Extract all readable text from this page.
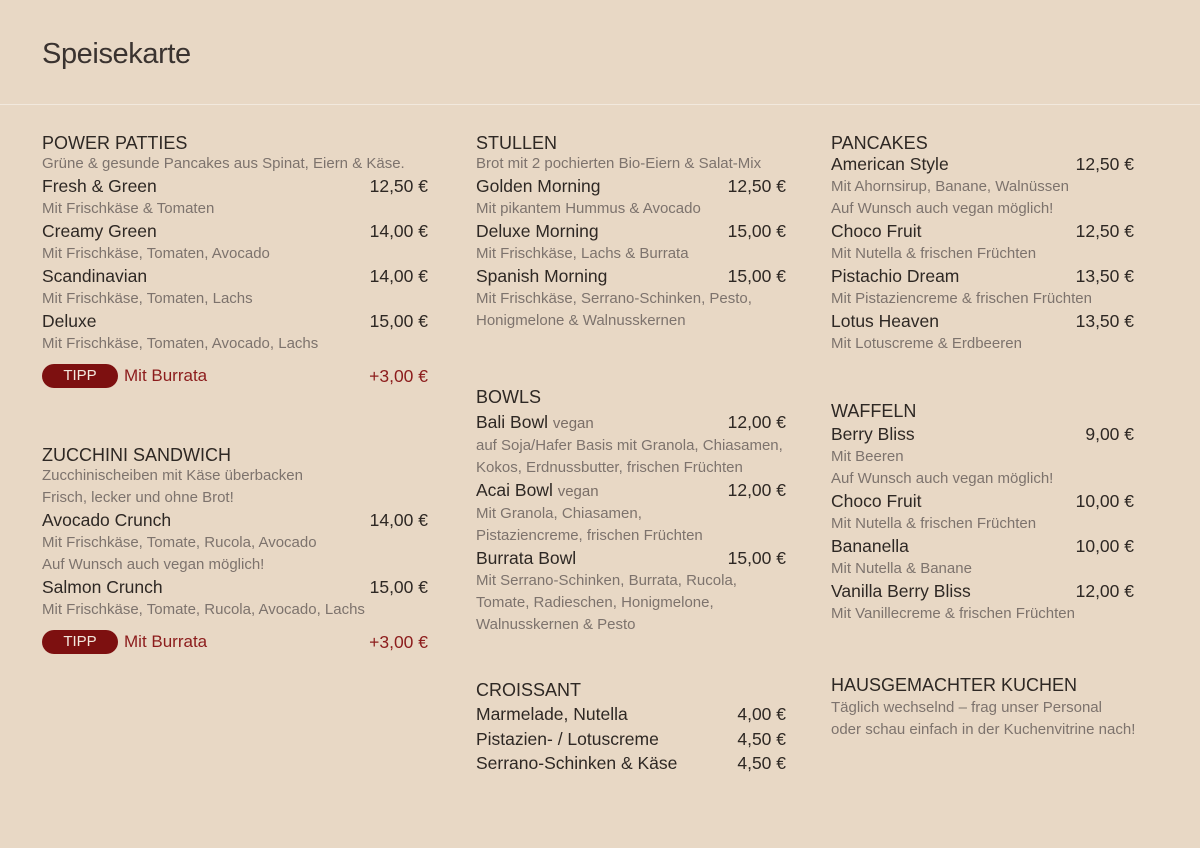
Speisekarte
POWER PATTIES
Grüne & gesunde Pancakes aus Spinat, Eiern & Käse.
Fresh & Green	12,50 €
Mit Frischkäse & Tomaten
Creamy Green	14,00 €
Mit Frischkäse, Tomaten, Avocado
Scandinavian	14,00 €
Mit Frischkäse, Tomaten, Lachs
Deluxe	15,00 €
Mit Frischkäse, Tomaten, Avocado, Lachs
TIPP	Mit Burrata	+3,00 €
ZUCCHINI SANDWICH
Zucchinischeiben mit Käse überbacken
Frisch, lecker und ohne Brot!
Avocado Crunch	14,00 €
Mit Frischkäse, Tomate, Rucola, Avocado
Auf Wunsch auch vegan möglich!
Salmon Crunch	15,00 €
Mit Frischkäse, Tomate, Rucola, Avocado, Lachs
TIPP	Mit Burrata	+3,00 €
STULLEN
Brot mit 2 pochierten Bio-Eiern & Salat-Mix
Golden Morning	12,50 €
Mit pikantem Hummus & Avocado
Deluxe Morning	15,00 €
Mit Frischkäse, Lachs & Burrata
Spanish Morning	15,00 €
Mit Frischkäse, Serrano-Schinken, Pesto,
Honigmelone & Walnusskernen
BOWLS
Bali Bowl vegan	12,00 €
auf Soja/Hafer Basis mit Granola, Chiasamen,
Kokos, Erdnussbutter, frischen Früchten
Acai Bowl vegan	12,00 €
Mit Granola, Chiasamen,
Pistaziencreme, frischen Früchten
Burrata Bowl	15,00 €
Mit Serrano-Schinken, Burrata, Rucola,
Tomate, Radieschen, Honigmelone,
Walnusskernen & Pesto
CROISSANT
Marmelade, Nutella	4,00 €
Pistazien- / Lotuscreme	4,50 €
Serrano-Schinken & Käse	4,50 €
PANCAKES
American Style	12,50 €
Mit Ahornsirup, Banane, Walnüssen
Auf Wunsch auch vegan möglich!
Choco Fruit	12,50 €
Mit Nutella & frischen Früchten
Pistachio Dream	13,50 €
Mit Pistaziencreme & frischen Früchten
Lotus Heaven	13,50 €
Mit Lotuscreme & Erdbeeren
WAFFELN
Berry Bliss	9,00 €
Mit Beeren
Auf Wunsch auch vegan möglich!
Choco Fruit	10,00 €
Mit Nutella & frischen Früchten
Bananella	10,00 €
Mit Nutella & Banane
Vanilla Berry Bliss	12,00 €
Mit Vanillecreme & frischen Früchten
HAUSGEMACHTER KUCHEN
Täglich wechselnd – frag unser Personal
oder schau einfach in der Kuchenvitrine nach!
